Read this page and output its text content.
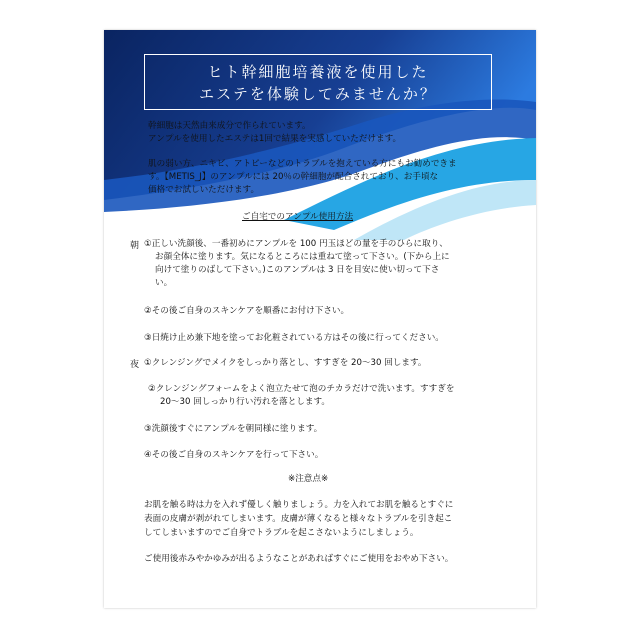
ヒト幹細胞培養液を使用した
エステを体験してみませんか？
幹細胞は天然由来成分で作られています。
アンプルを使用したエステは1回で結果を実感していただけます。
肌の弱い方、ニキビ、アトピーなどのトラブルを抱えている方にもお勧めできま
す。【METIS_J】のアンプルには 20％の幹細胞が配合されており、お手頃な
価格でお試しいただけます。
ご自宅でのアンプル使用方法
朝 ①正しい洗顔後、一番初めにアンプルを 100 円玉ほどの量を手のひらに取り、
お顔全体に塗ります。気になるところには重ねて塗って下さい。(下から上に
向けて塗りのばして下さい。)このアンプルは 3 日を目安に使い切って下さ
い。
②その後ご自身のスキンケアを順番にお付け下さい。
③日焼け止め兼下地を塗ってお化粧されている方はその後に行ってください。
夜 ①クレンジングでメイクをしっかり落とし、すすぎを 20～30 回します。
②クレンジングフォームをよく泡立たせて泡のチカラだけで洗います。すすぎを
20～30 回しっかり行い汚れを落とします。
③洗顔後すぐにアンプルを朝同様に塗ります。
④その後ご自身のスキンケアを行って下さい。
※注意点※
お肌を触る時は力を入れず優しく触りましょう。力を入れてお肌を触るとすぐに
表面の皮膚が剥がれてしまいます。皮膚が薄くなると様々なトラブルを引き起こ
してしまいますのでご自身でトラブルを起こさないようにしましょう。
ご使用後赤みやかゆみが出るようなことがあればすぐにご使用をおやめ下さい。
